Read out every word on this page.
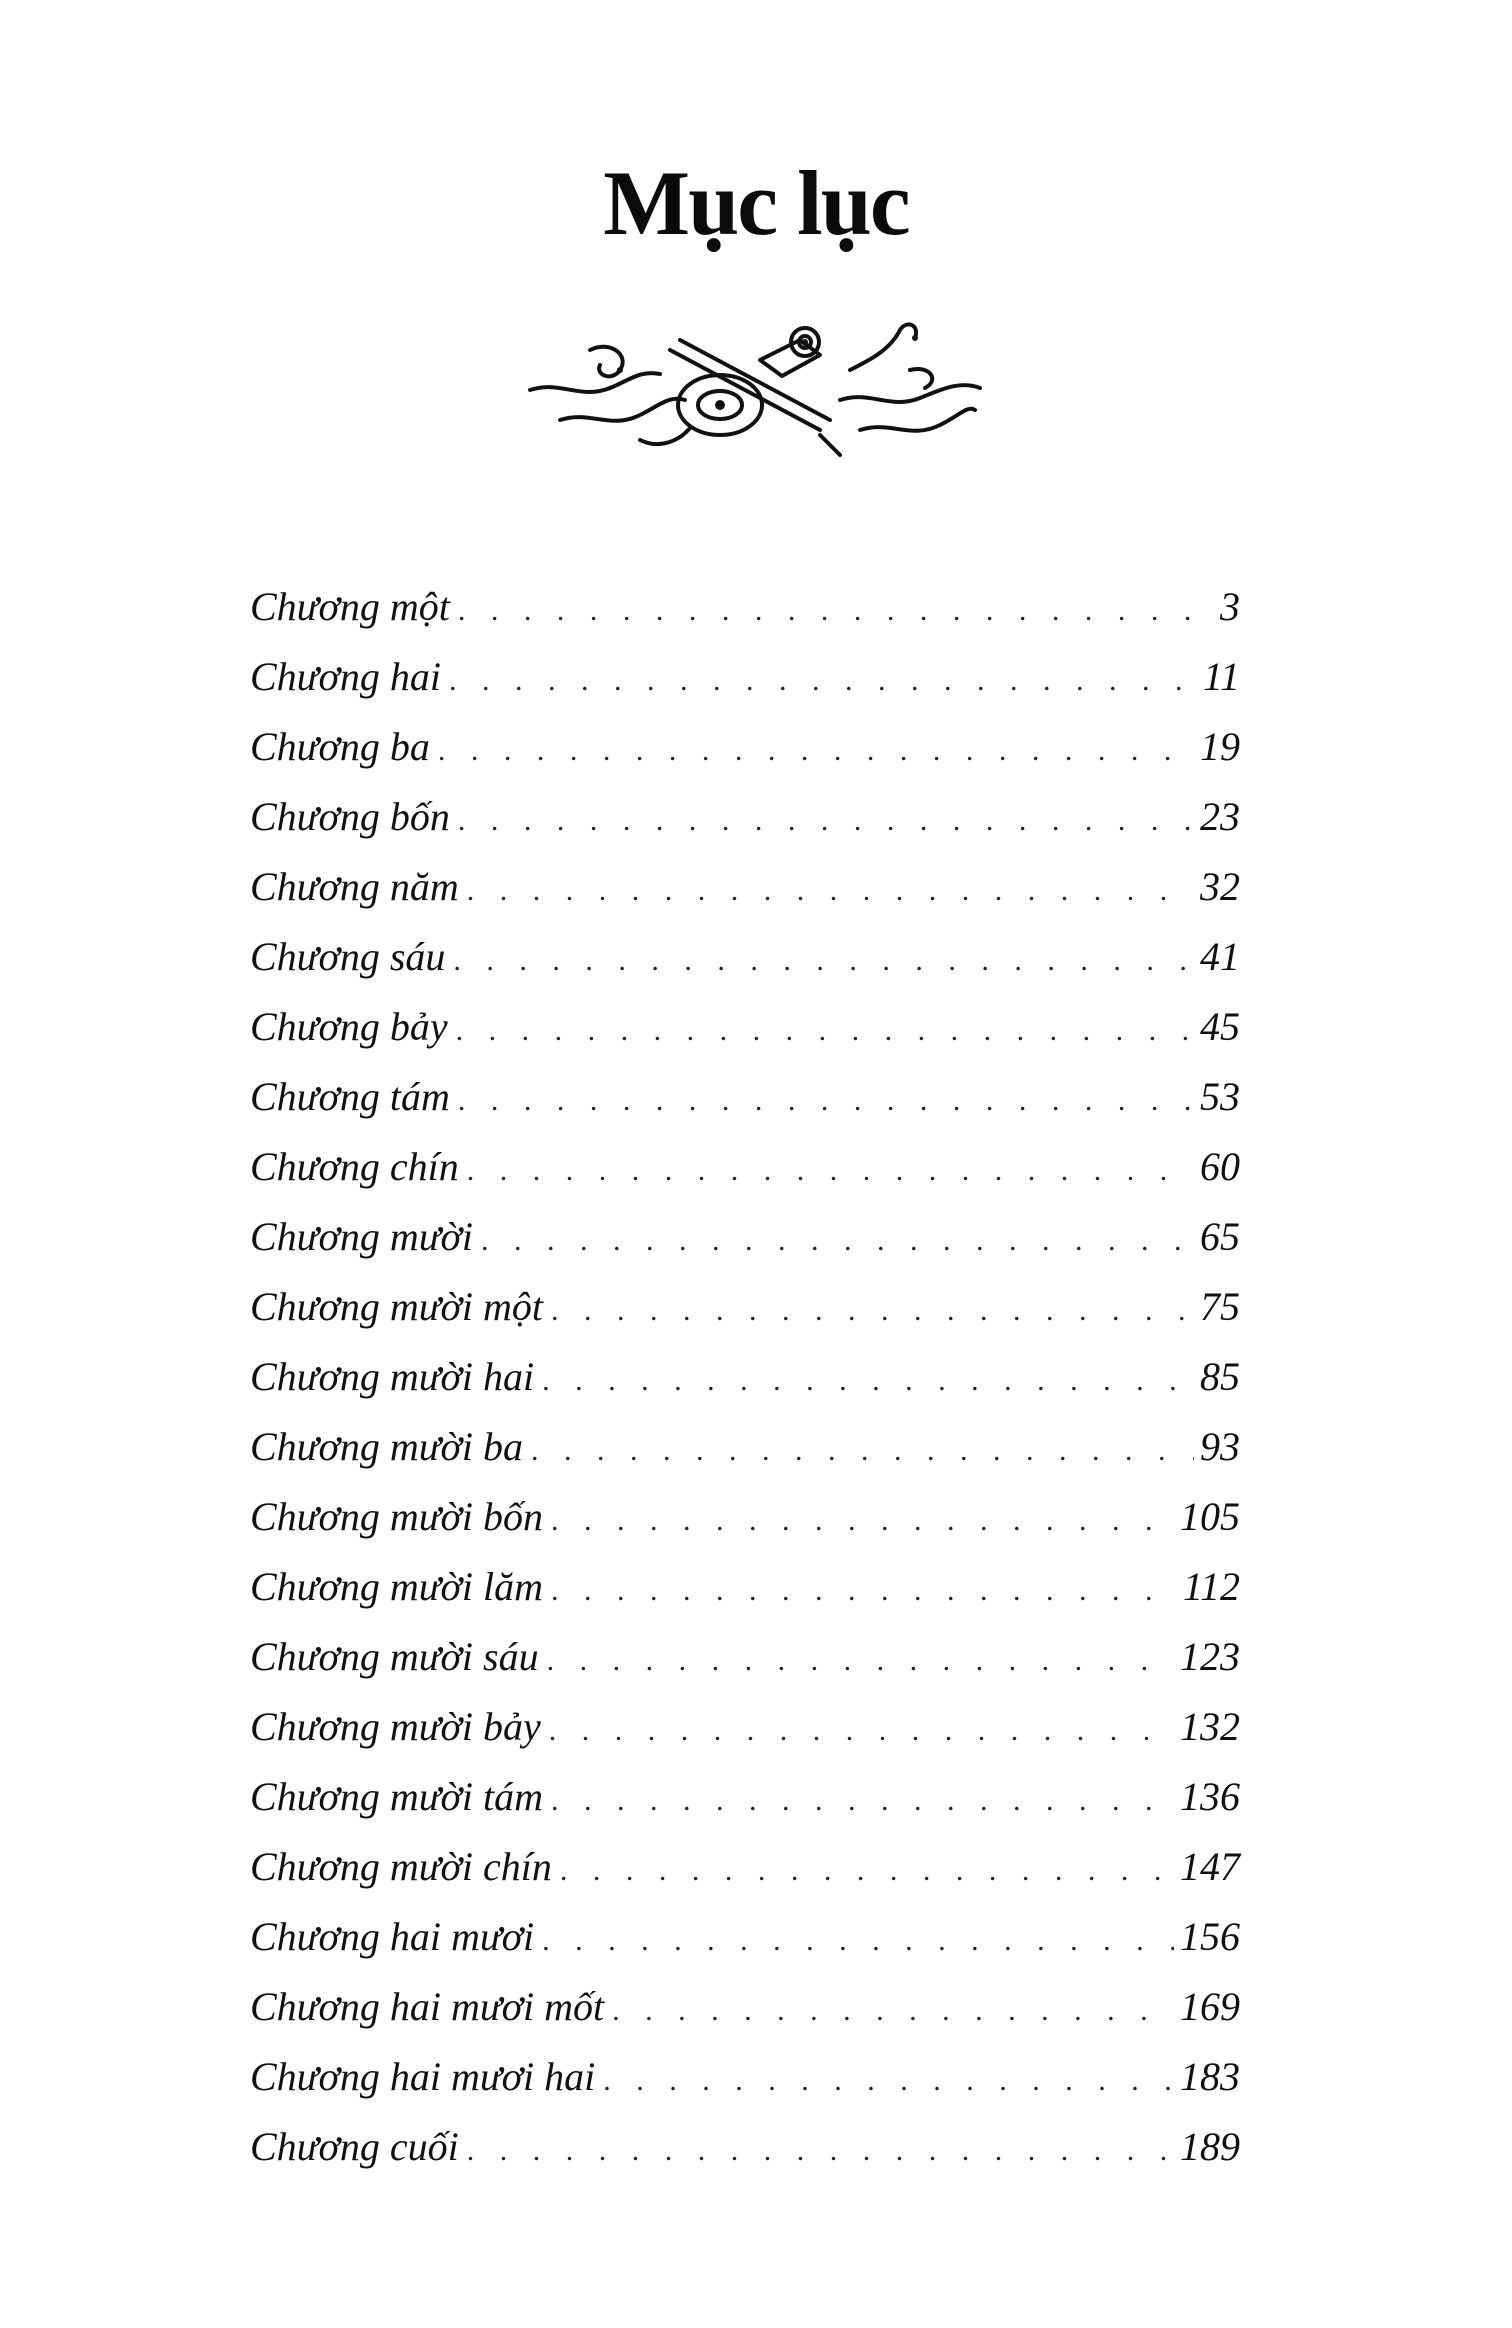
Mục lục
Chương một . . .	3
Chương hai . . .	11
Chương ba . . .	19
Chương bốn . . .	23
Chương năm . . .	32
Chương sáu . . .	41
Chương bảy . . .	45
Chương tám . . .	53
Chương chín . . .	60
Chương mười . . .	65
Chương mười một . . .	75
Chương mười hai . . .	85
Chương mười ba . . .	93
Chương mười bốn . . .	105
Chương mười lăm . . .	112
Chương mười sáu . . .	123
Chương mười bảy . . .	132
Chương mười tám . . .	136
Chương mười chín . . .	147
Chương hai mươi . . .	156
Chương hai mươi mốt . . .	169
Chương hai mươi hai . . .	183
Chương cuối . . .	189
